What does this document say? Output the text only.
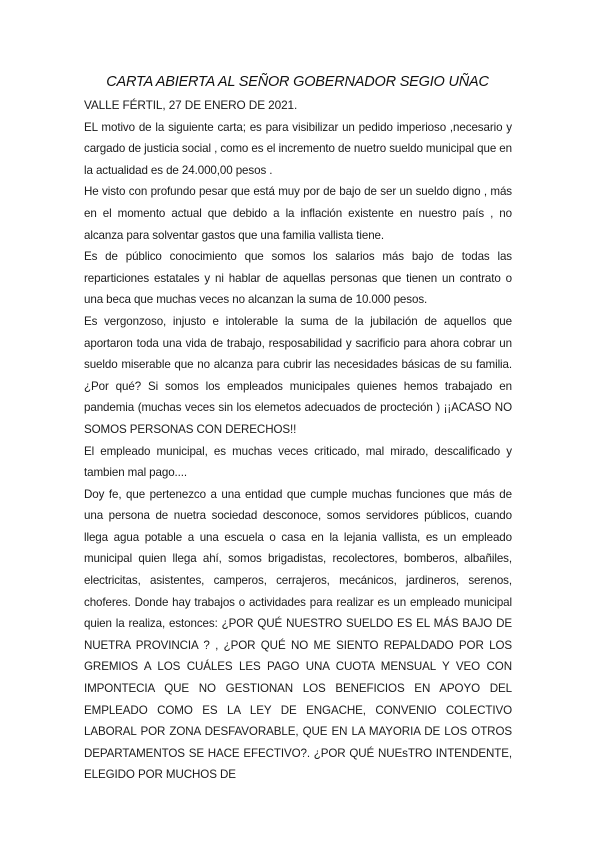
CARTA ABIERTA AL SEÑOR GOBERNADOR SEGIO UÑAC

VALLE FÉRTIL, 27 DE ENERO DE 2021.

EL motivo de la siguiente carta; es para visibilizar un pedido imperioso ,necesario y cargado de justicia social , como es el incremento de nuetro sueldo municipal que en la actualidad es de 24.000,00 pesos .

He visto con profundo pesar que está muy por de bajo de ser un sueldo digno , más en el momento actual que debido a la inflación existente en nuestro país , no alcanza para solventar gastos que una familia vallista tiene.

Es de público conocimiento que somos los salarios más bajo de todas las reparticiones estatales y ni hablar de aquellas personas que tienen un contrato o una beca que muchas veces no alcanzan la suma de 10.000 pesos.

Es vergonzoso, injusto e intolerable la suma de la jubilación de aquellos que aportaron toda una vida de trabajo, resposabilidad y sacrificio para ahora cobrar un sueldo miserable que no alcanza para cubrir las necesidades básicas de su familia. ¿Por qué? Si somos los empleados municipales quienes hemos trabajado en pandemia (muchas veces sin los elemetos adecuados de procteción ) ¡¡ACASO NO SOMOS PERSONAS CON DERECHOS!!

El empleado municipal, es muchas veces criticado, mal mirado, descalificado y tambien mal pago....

Doy fe, que pertenezco a una entidad que cumple muchas funciones que más de una persona de nuetra sociedad desconoce, somos servidores públicos, cuando llega agua potable a una escuela o casa en la lejania vallista, es un empleado municipal quien llega ahí, somos brigadistas, recolectores, bomberos, albañiles, electricitas, asistentes, camperos, cerrajeros, mecánicos, jardineros, serenos, choferes. Donde hay trabajos o actividades para realizar es un empleado municipal quien la realiza, estonces: ¿POR QUÉ NUESTRO SUELDO ES EL MÁS BAJO DE NUETRA PROVINCIA ? , ¿POR QUÉ NO ME SIENTO REPALDADO POR LOS GREMIOS A LOS CUÁLES LES PAGO UNA CUOTA MENSUAL Y VEO CON IMPONTECIA QUE NO GESTIONAN LOS BENEFICIOS EN APOYO DEL EMPLEADO COMO ES LA LEY DE ENGACHE, CONVENIO COLECTIVO LABORAL POR ZONA DESFAVORABLE, QUE EN LA MAYORIA DE LOS OTROS DEPARTAMENTOS SE HACE EFECTIVO?. ¿POR QUÉ NUEsTRO INTENDENTE, ELEGIDO POR MUCHOS DE
